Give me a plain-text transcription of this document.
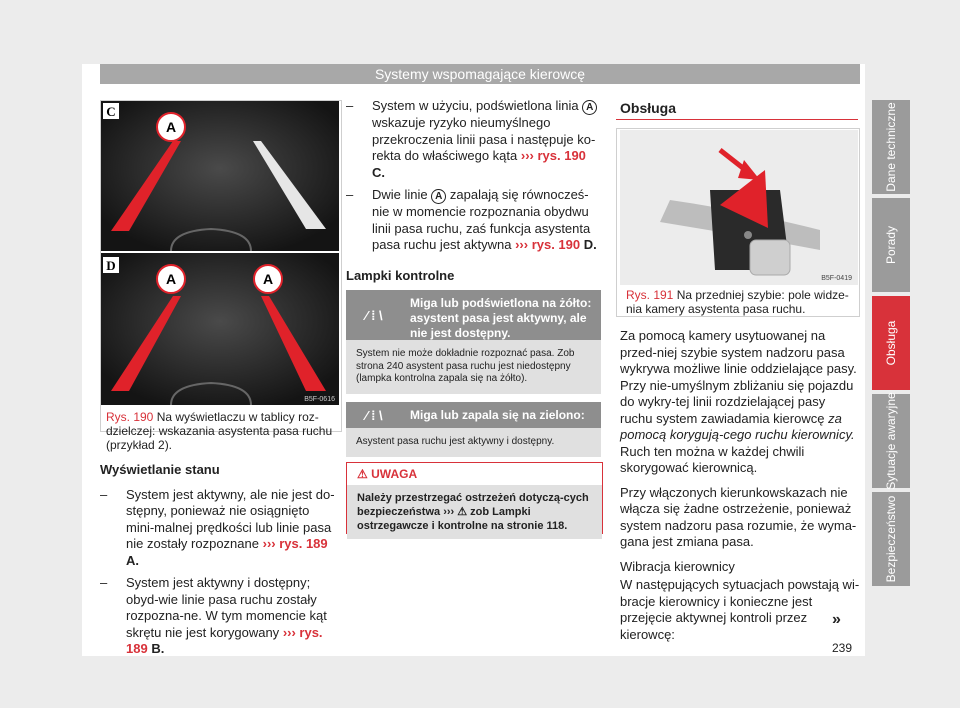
Systemy wspomagające kierowcę
Dane techniczne
Porady
Obsługa
Sytuacje awaryjne
Bezpieczeństwo
C
A
D
A	A
B5F-0616
Rys. 190 Na wyświetlaczu w tablicy roz-dzielczej: wskazania asystenta pasa ruchu (przykład 2).
Wyświetlanie stanu
– System jest aktywny, ale nie jest do-stępny, ponieważ nie osiągnięto mini-malnej prędkości lub linie pasa nie zostały rozpoznane ››› rys. 189 A.
– System jest aktywny i dostępny; obyd-wie linie pasa ruchu zostały rozpozna-ne. W tym momencie kąt skrętu nie jest korygowany ››› rys. 189 B.
– System w użyciu, podświetlona linia A wskazuje ryzyko nieumyślnego przekroczenia linii pasa i następuje ko-rekta do właściwego kąta ››› rys. 190 C.
– Dwie linie A zapalają się równocześ-nie w momencie rozpoznania obydwu linii pasa ruchu, zaś funkcja asystenta pasa ruchu jest aktywna ››› rys. 190 D.
Lampki kontrolne
⁄ ⁞ \
Miga lub podświetlona na żółto: asystent pasa jest aktywny, ale nie jest dostępny.
System nie może dokładnie rozpoznać pasa. Zob strona 240 asystent pasa ruchu jest niedostępny (lampka kontrolna zapala się na żółto).
⁄ ⁞ \	Miga lub zapala się na zielono:
Asystent pasa ruchu jest aktywny i dostępny.
⚠ UWAGA
Należy przestrzegać ostrzeżeń dotyczą-cych bezpieczeństwa ››› ⚠ zob Lampki ostrzegawcze i kontrolne na stronie 118.
Obsługa
B5F-0419
Rys. 191 Na przedniej szybie: pole widze-nia kamery asystenta pasa ruchu.

Za pomocą kamery usytuowanej na przed-niej szybie system nadzoru pasa wykrywa możliwe linie oddzielające pasy. Przy nie-umyślnym zbliżaniu się pojazdu do wykry-tej linii rozdzielającej pasy ruchu system zawiadamia kierowcę za pomocą korygują-cego ruchu kierownicy. Ruch ten można w każdej chwili skorygować kierownicą.

Przy włączonych kierunkowskazach nie włącza się żadne ostrzeżenie, ponieważ system nadzoru pasa rozumie, że wyma-gana jest zmiana pasa.

Wibracja kierownicy

W następujących sytuacjach powstają wi-bracje kierownicy i konieczne jest przejęcie aktywnej kontroli przez kierowcę:

»
239
